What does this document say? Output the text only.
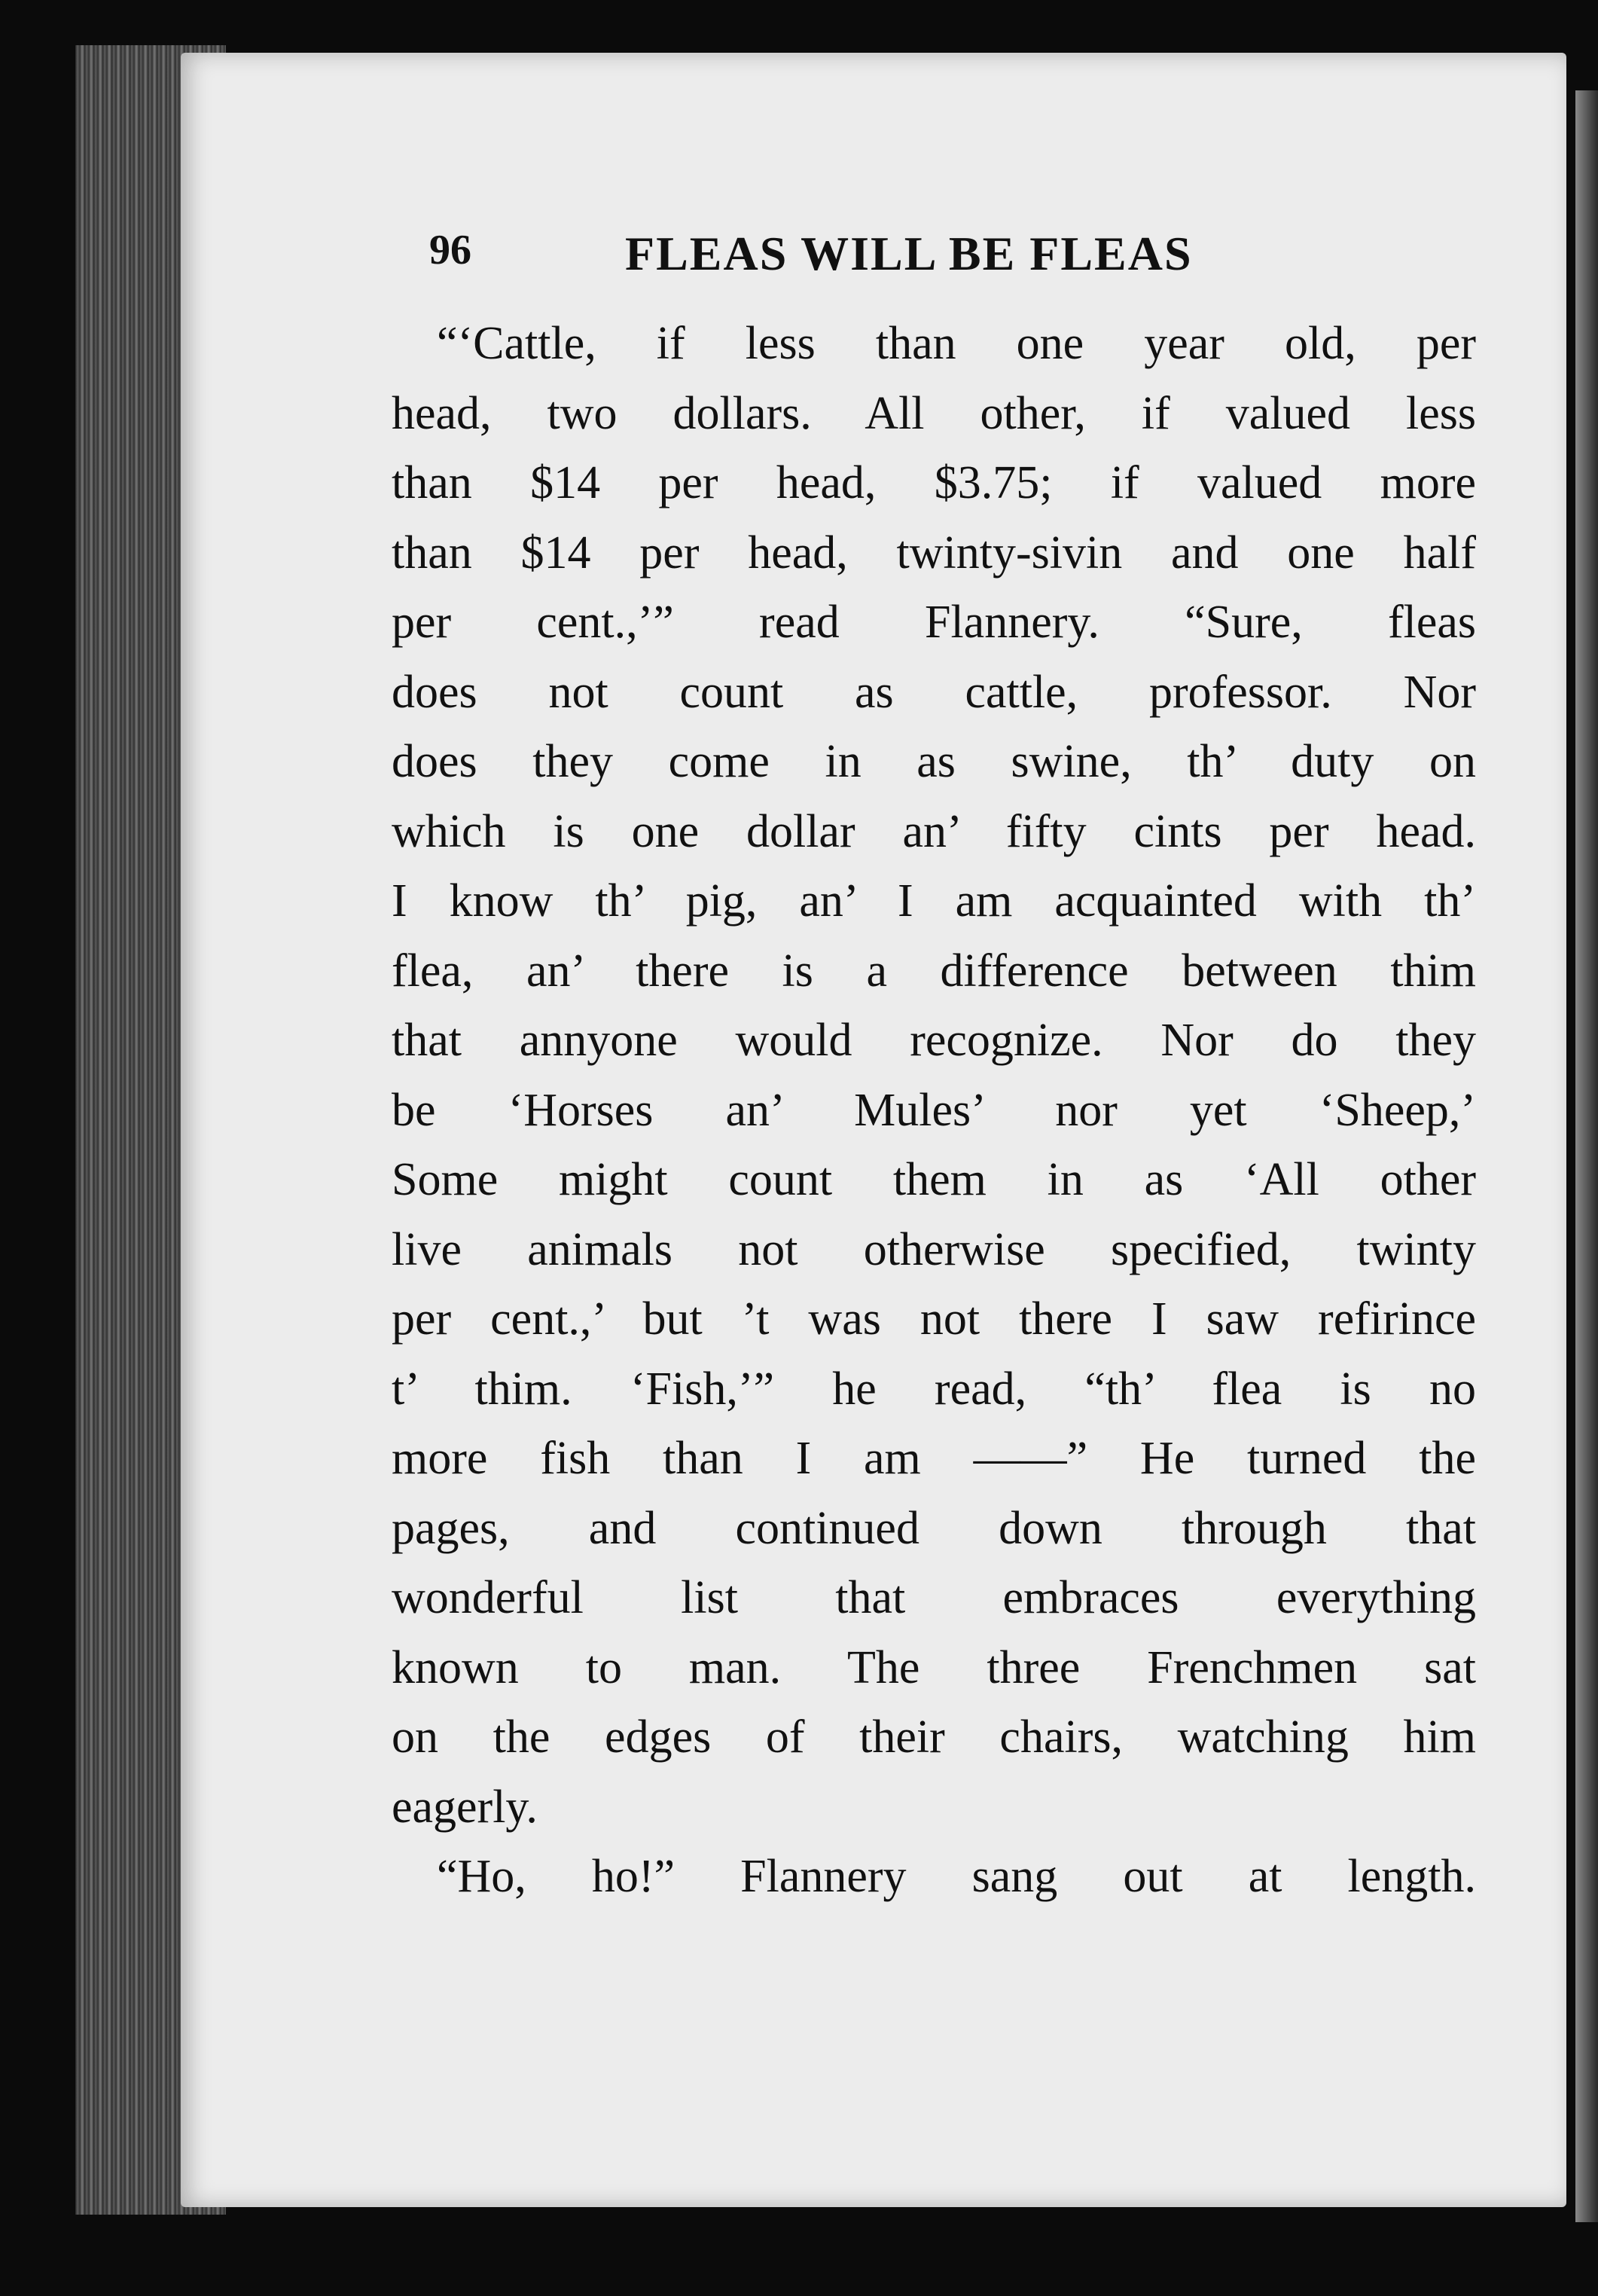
96	FLEAS WILL BE FLEAS
“‘Cattle, if less than one year old, per
head, two dollars. All other, if valued less
than $14 per head, $3.75; if valued more
than $14 per head, twinty-sivin and one half
per cent.,’” read Flannery. “Sure, fleas
does not count as cattle, professor. Nor
does they come in as swine, th’ duty on
which is one dollar an’ fifty cints per head.
I know th’ pig, an’ I am acquainted with th’
flea, an’ there is a difference between thim
that annyone would recognize. Nor do they
be ‘Horses an’ Mules’ nor yet ‘Sheep,’
Some might count them in as ‘All other
live animals not otherwise specified, twinty
per cent.,’ but ’t was not there I saw refirince
t’ thim. ‘Fish,’” he read, “th’ flea is no
more fish than I am ——” He turned the
pages, and continued down through that
wonderful list that embraces everything
known to man. The three Frenchmen sat
on the edges of their chairs, watching him
eagerly.
“Ho, ho!” Flannery sang out at length.
